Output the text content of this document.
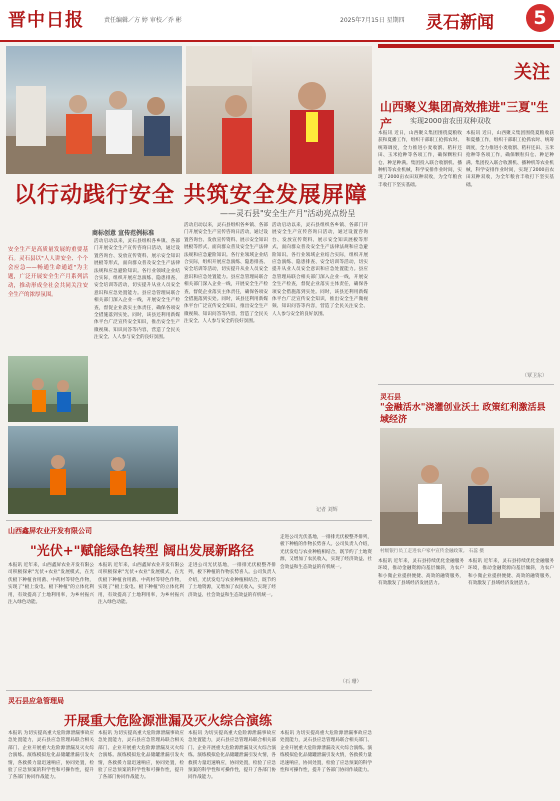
晋中日报	责任编辑／方 婷 审校／乔 彬	2025年7月15日 星期四 灵石新闻	5
以行动践行安全 共筑安全发展屏障
——灵石县"安全生产月"活动亮点纷呈
商标创意 宣传范例标准
安全生产是高质量发展的重要基石。灵石县以"人人讲安全、个个会应急——畅通生命通道"为主题，广泛开展安全生产月系列活动，推动形成全社会共同关注安全生产的浓厚氛围。
活动启动以来，灵石县组织各乡镇、各部门开展安全生产宣传咨询日活动，通过设置咨询台、发放宣传资料、展示安全知识展板等形式，面向群众普及安全生产法律法规和应急避险知识。各行业领域企业结合实际，组织开展应急演练、隐患排查、安全培训等活动，切实提升从业人员安全意识和应急处置能力。县应急管理局联合相关部门深入企业一线，开展安全生产检查，督促企业落实主体责任，确保各项安全措施落到实处。同时，该县还利用新媒体平台广泛宣传安全知识，推出安全生产微视频、知识问答等内容，营造了全民关注安全、人人参与安全的良好氛围。
活动启动以来，灵石县组织各乡镇、各部门开展安全生产宣传咨询日活动，通过设置咨询台、发放宣传资料、展示安全知识展板等形式，面向群众普及安全生产法律法规和应急避险知识。各行业领域企业结合实际，组织开展应急演练、隐患排查、安全培训等活动，切实提升从业人员安全意识和应急处置能力。县应急管理局联合相关部门深入企业一线，开展安全生产检查，督促企业落实主体责任，确保各项安全措施落到实处。同时，该县还利用新媒体平台广泛宣传安全知识，推出安全生产微视频、知识问答等内容，营造了全民关注安全、人人参与安全的良好氛围。
活动启动以来，灵石县组织各乡镇、各部门开展安全生产宣传咨询日活动，通过设置咨询台、发放宣传资料、展示安全知识展板等形式，面向群众普及安全生产法律法规和应急避险知识。各行业领域企业结合实际，组织开展应急演练、隐患排查、安全培训等活动，切实提升从业人员安全意识和应急处置能力。县应急管理局联合相关部门深入企业一线，开展安全生产检查，督促企业落实主体责任，确保各项安全措施落到实处。同时，该县还利用新媒体平台广泛宣传安全知识，推出安全生产微视频、知识问答等内容，营造了全民关注安全、人人参与安全的良好氛围。
记者 刘辉
关注
山西聚义集团高效推进"三夏"生产	实现2000亩农田双种双收
本报讯 近日，山西聚义集团围绕夏粮收获和夏播工作，组织干部职工抢抓农时、统筹调度，全力推进小麦收割、秸秆还田、玉米抢种等各项工作，确保颗粒归仓、种足种满。集团投入联合收割机、播种机等农业机械，科学安排作业时间，实现了2000亩农田双种双收，为全年粮食丰收打下坚实基础。
本报讯 近日，山西聚义集团围绕夏粮收获和夏播工作，组织干部职工抢抓农时、统筹调度，全力推进小麦收割、秸秆还田、玉米抢种等各项工作，确保颗粒归仓、种足种满。集团投入联合收割机、播种机等农业机械，科学安排作业时间，实现了2000亩农田双种双收，为全年粮食丰收打下坚实基础。
（覃卫东）
灵石县
"金融活水"浇灌创业沃土 政策红利激活县域经济
村级银行员工走进农户家中宣传金融政策。 石蕊 摄
本报讯 近年来，灵石县持续优化金融服务环境，推动金融资源向基层倾斜，为农户和小微企业提供便捷、高效的融资服务，有效激发了县域经济发展活力。
本报讯 近年来，灵石县持续优化金融服务环境，推动金融资源向基层倾斜，为农户和小微企业提供便捷、高效的融资服务，有效激发了县域经济发展活力。
山西鑫屏农业开发有限公司
"光伏+"赋能绿色转型 阔出发展新路径
本报讯 近年来，山西鑫屏农业开发有限公司积极探索"光伏+农业"发展模式，在光伏板下种植食用菌、中药材等特色作物，实现了"板上发电、板下种植"的立体化利用，有效提高了土地利用率，为乡村振兴注入绿色动能。
本报讯 近年来，山西鑫屏农业开发有限公司积极探索"光伏+农业"发展模式，在光伏板下种植食用菌、中药材等特色作物，实现了"板上发电、板下种植"的立体化利用，有效提高了土地利用率，为乡村振兴注入绿色动能。
走进公司光伏基地，一排排光伏板整齐排列，板下种植的作物长势喜人。公司负责人介绍，光伏发电与农业种植相结合，既节约了土地资源，又增加了农民收入，实现了经济效益、社会效益和生态效益的有机统一。
走进公司光伏基地，一排排光伏板整齐排列，板下种植的作物长势喜人。公司负责人介绍，光伏发电与农业种植相结合，既节约了土地资源，又增加了农民收入，实现了经济效益、社会效益和生态效益的有机统一。
（石 珊）
灵石县应急管理局
开展重大危险源泄漏及灭火综合演练
本报讯 为切实提高重大危险源泄漏事故应急处置能力，灵石县应急管理局联合相关部门、企业开展重大危险源泄漏及灭火综合演练。演练模拟危化品储罐泄漏引发火情，各救援力量迅速响应，协同处置，检验了应急预案的科学性和可操作性，提升了各部门协同作战能力。
本报讯 为切实提高重大危险源泄漏事故应急处置能力，灵石县应急管理局联合相关部门、企业开展重大危险源泄漏及灭火综合演练。演练模拟危化品储罐泄漏引发火情，各救援力量迅速响应，协同处置，检验了应急预案的科学性和可操作性，提升了各部门协同作战能力。
本报讯 为切实提高重大危险源泄漏事故应急处置能力，灵石县应急管理局联合相关部门、企业开展重大危险源泄漏及灭火综合演练。演练模拟危化品储罐泄漏引发火情，各救援力量迅速响应，协同处置，检验了应急预案的科学性和可操作性，提升了各部门协同作战能力。
本报讯 为切实提高重大危险源泄漏事故应急处置能力，灵石县应急管理局联合相关部门、企业开展重大危险源泄漏及灭火综合演练。演练模拟危化品储罐泄漏引发火情，各救援力量迅速响应，协同处置，检验了应急预案的科学性和可操作性，提升了各部门协同作战能力。
